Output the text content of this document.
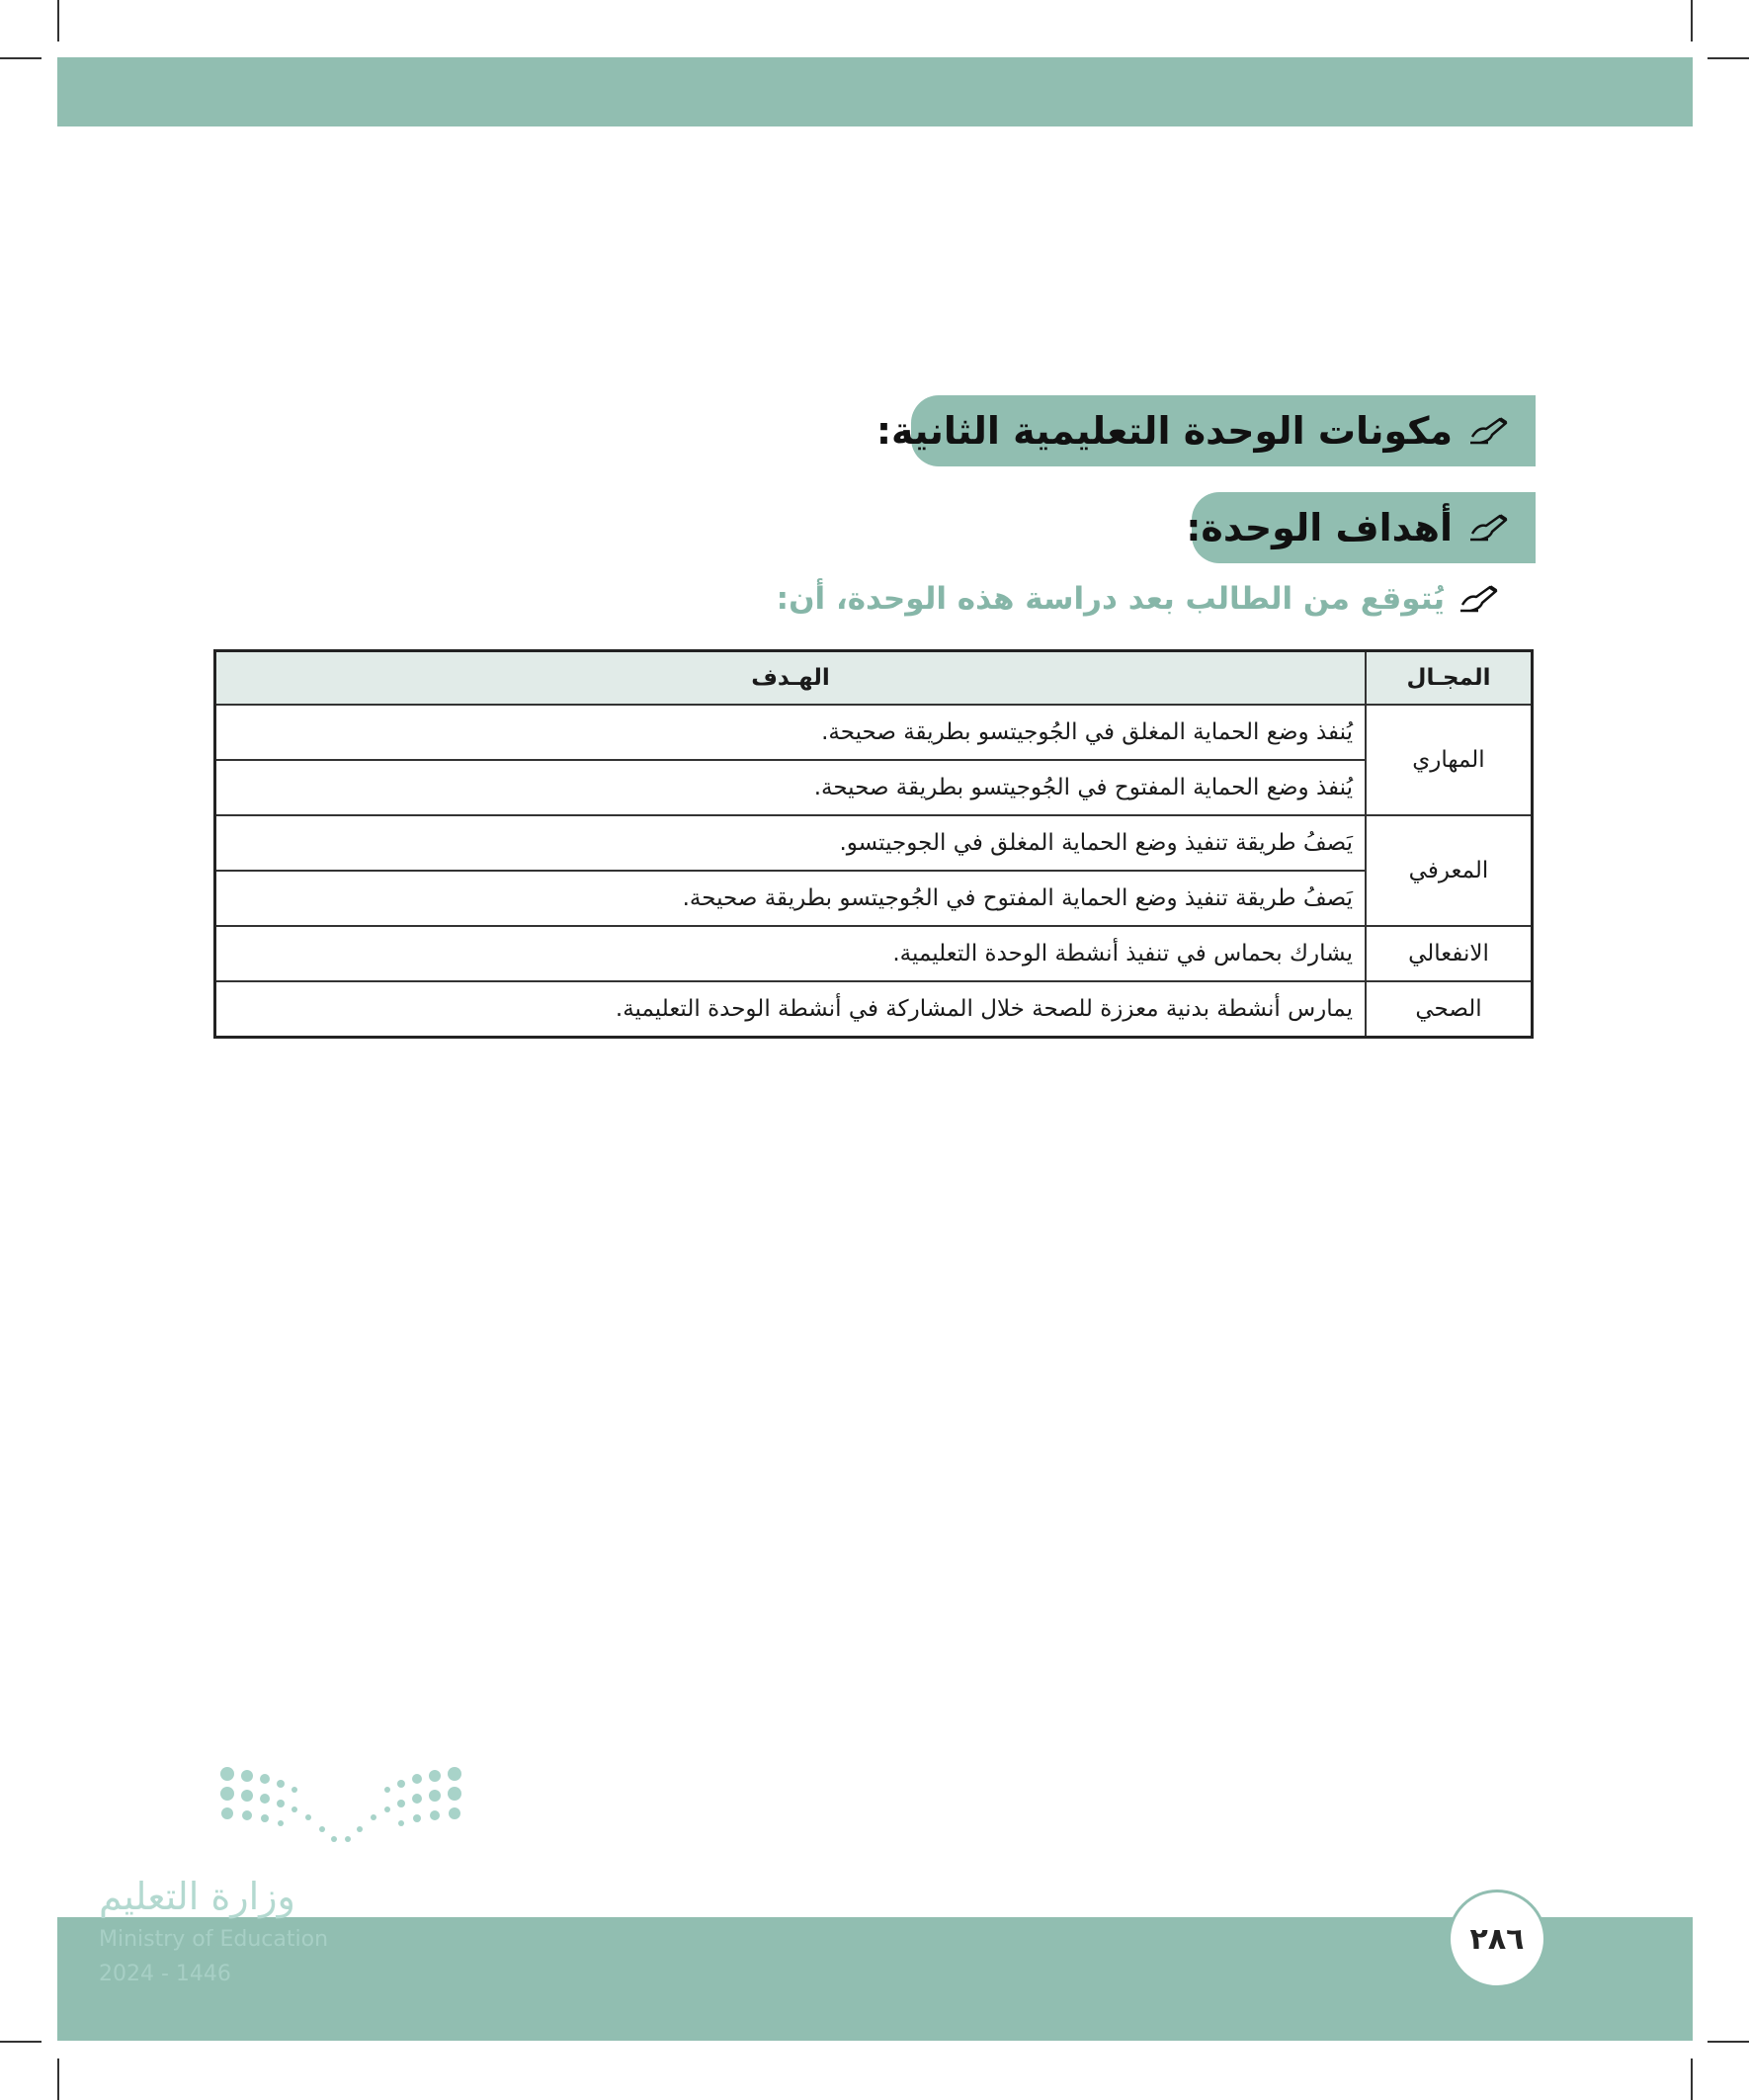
مكونات الوحدة التعليمية الثانية:
أهداف الوحدة:
يُتوقع من الطالب بعد دراسة هذه الوحدة، أن:
المجـال	الهـدف
المهاري	يُنفذ وضع الحماية المغلق في الجُوجيتسو بطريقة صحيحة.
	يُنفذ وضع الحماية المفتوح في الجُوجيتسو بطريقة صحيحة.
المعرفي	يَصفُ طريقة تنفيذ وضع الحماية المغلق في الجوجيتسو.
	يَصفُ طريقة تنفيذ وضع الحماية المفتوح في الجُوجيتسو بطريقة صحيحة.
الانفعالي	يشارك بحماس في تنفيذ أنشطة الوحدة التعليمية.
الصحي	يمارس أنشطة بدنية معززة للصحة خلال المشاركة في أنشطة الوحدة التعليمية.
وزارة التعليم
Ministry of Education
2024 - 1446
٢٨٦
